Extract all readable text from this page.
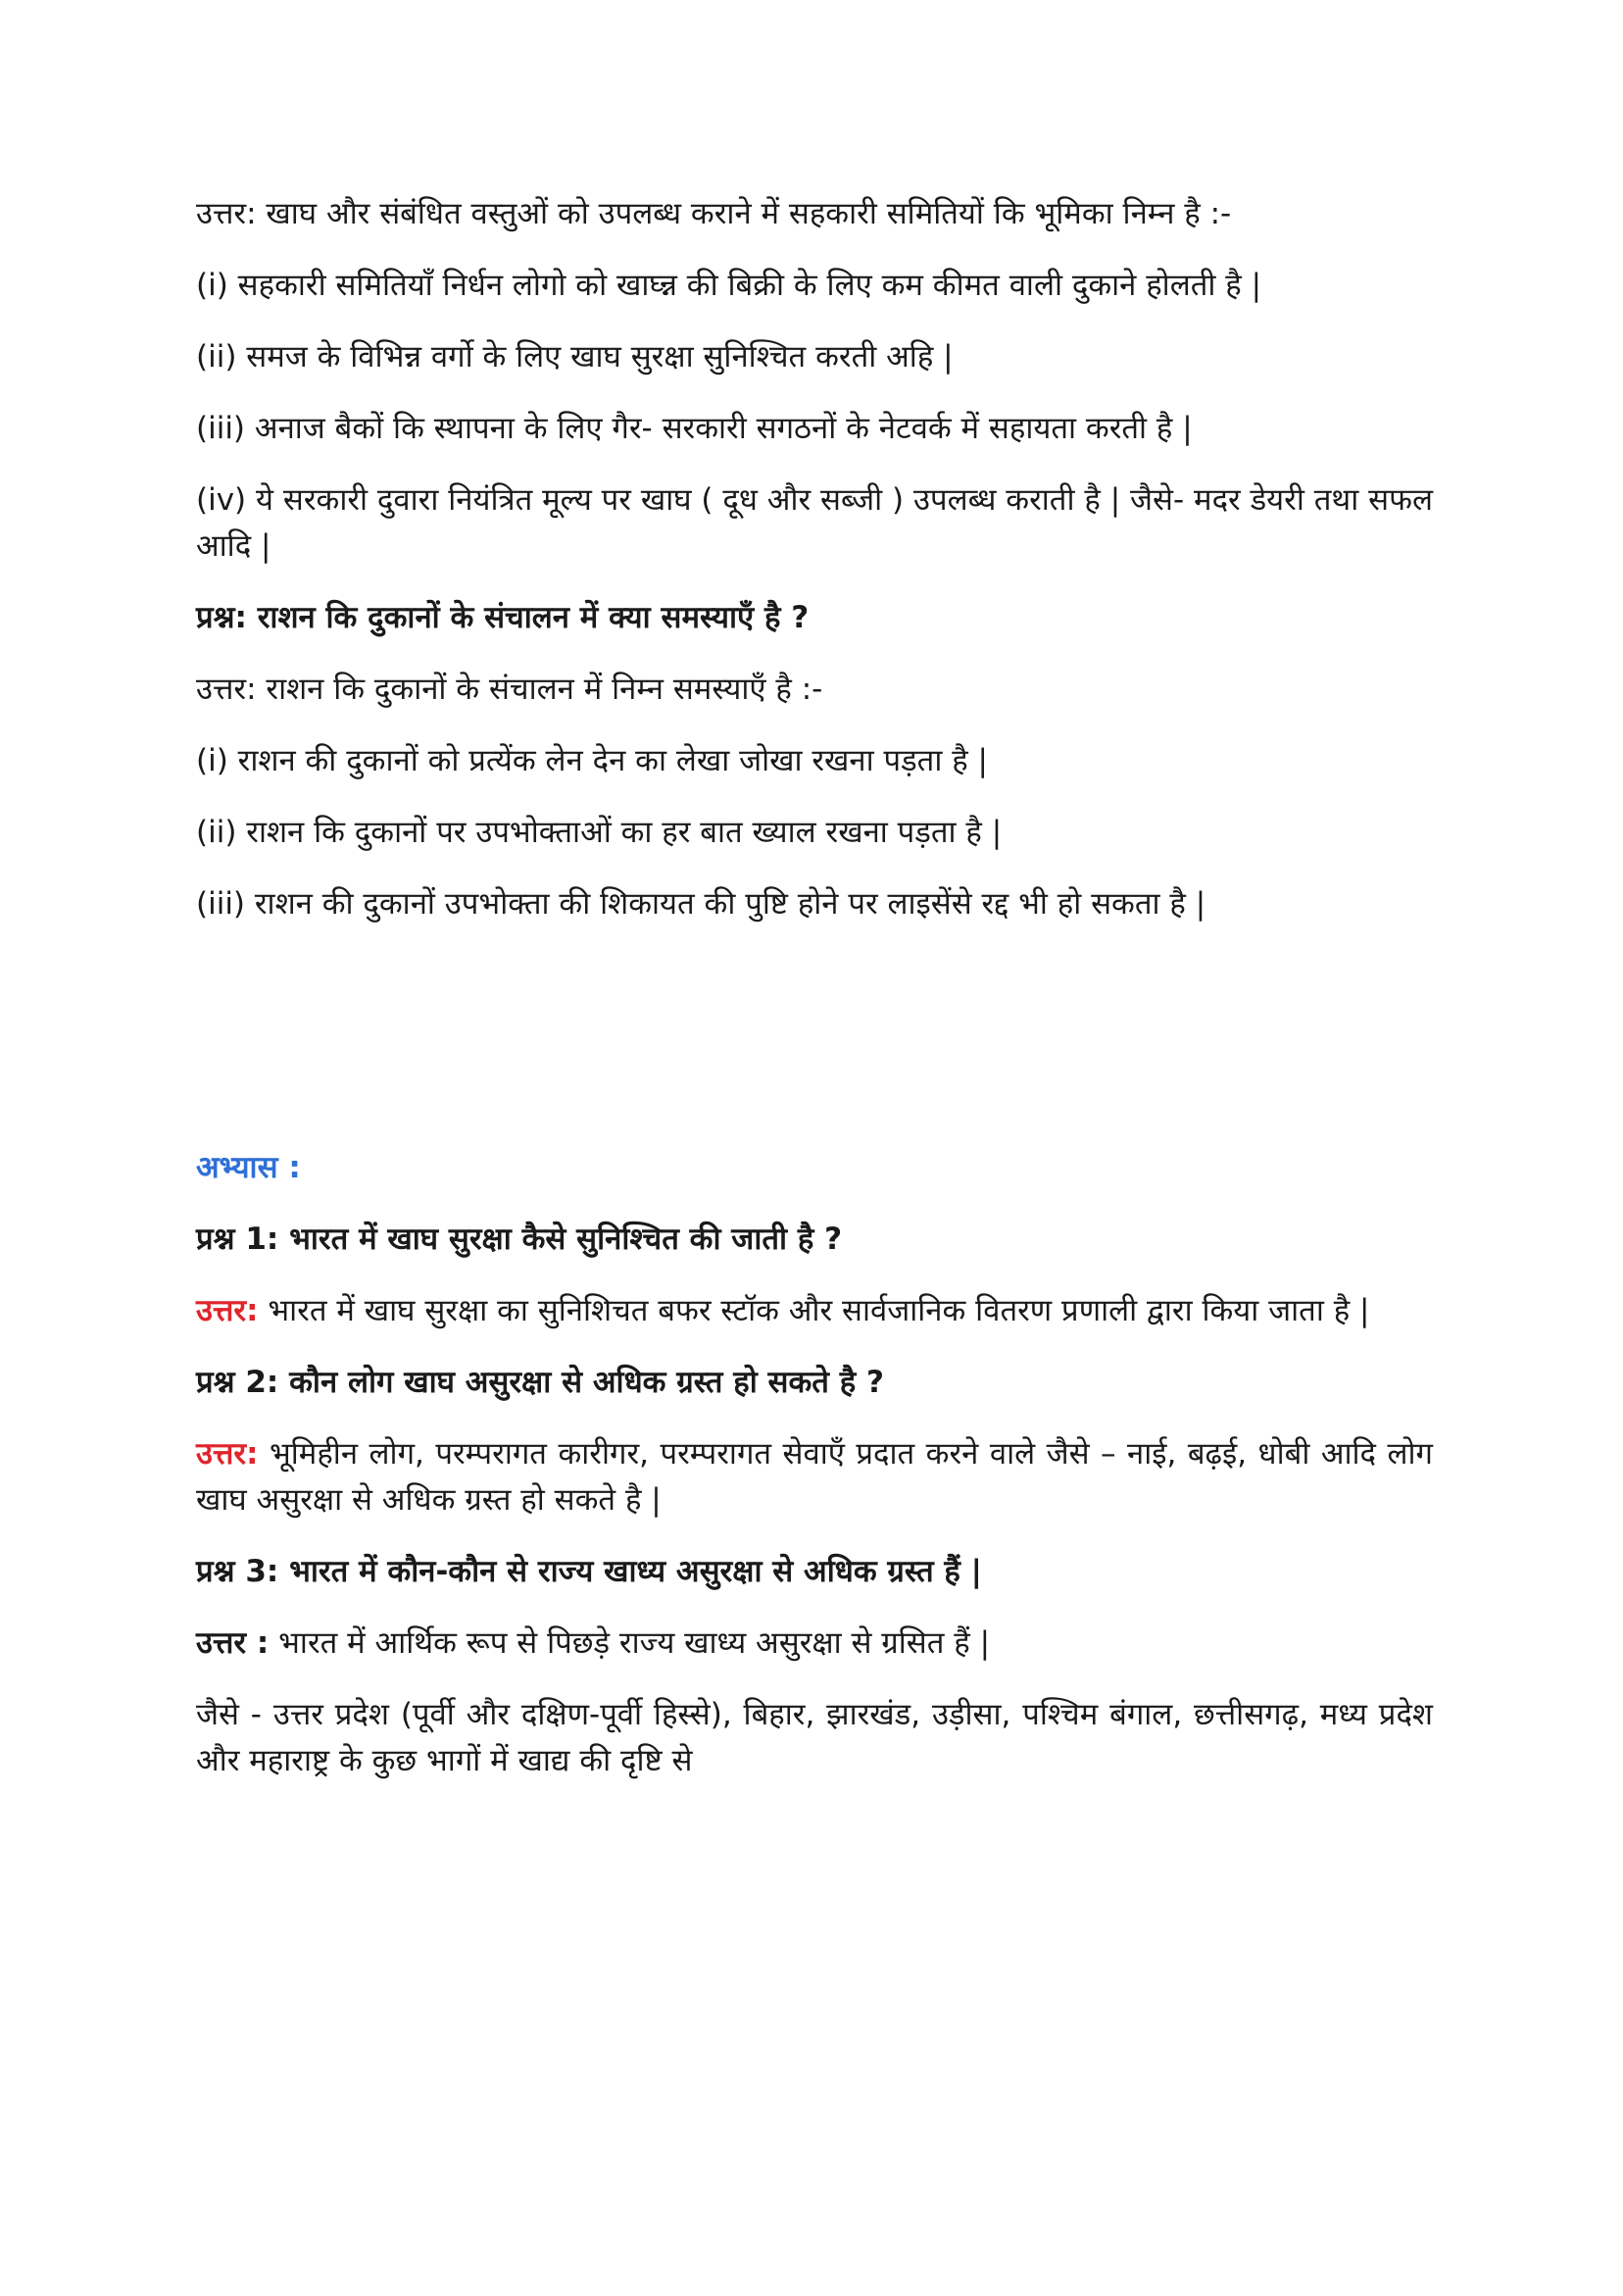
उत्तर: खाघ और संबंधित वस्तुओं को उपलब्ध कराने में सहकारी समितियों कि भूमिका निम्न है :-

(i) सहकारी समितियाँ निर्धन लोगो को खाघ्न्न की बिक्री के लिए कम कीमत वाली दुकाने होलती है |

(ii) समज के विभिन्न वर्गो के लिए खाघ सुरक्षा सुनिश्चित करती अहि |

(iii) अनाज बैकों कि स्थापना के लिए गैर- सरकारी सगठनों के नेटवर्क में सहायता करती है |

(iv) ये सरकारी दुवारा नियंत्रित मूल्य पर खाघ ( दूध और सब्जी ) उपलब्ध कराती है | जैसे- मदर डेयरी तथा सफल आदि |

प्रश्न: राशन कि दुकानों के संचालन में क्या समस्याएँ है ?

उत्तर: राशन कि दुकानों के संचालन में निम्न समस्याएँ है :-

(i) राशन की दुकानों को प्रत्येंक लेन देन का लेखा जोखा रखना पड़ता है |

(ii) राशन कि दुकानों पर उपभोक्ताओं का हर बात ख्याल रखना पड़ता है |

(iii) राशन की दुकानों उपभोक्ता की शिकायत की पुष्टि होने पर लाइसेंसे रद्द भी हो सकता है |

अभ्यास :

प्रश्न 1: भारत में खाघ सुरक्षा कैसे सुनिश्चित की जाती है ?

उत्तर: भारत में खाघ सुरक्षा का सुनिशिचत बफर स्टॉक और सार्वजानिक वितरण प्रणाली द्वारा किया जाता है |

प्रश्न 2: कौन लोग खाघ असुरक्षा से अधिक ग्रस्त हो सकते है ?

उत्तर: भूमिहीन लोग, परम्परागत कारीगर, परम्परागत सेवाएँ प्रदात करने वाले जैसे – नाई, बढ़ई, धोबी आदि लोग खाघ असुरक्षा से अधिक ग्रस्त हो सकते है |

प्रश्न 3: भारत में कौन-कौन से राज्य खाध्य असुरक्षा से अधिक ग्रस्त हैं |

उत्तर : भारत में आर्थिक रूप से पिछड़े राज्य खाध्य असुरक्षा से ग्रसित हैं |

जैसे - उत्तर प्रदेश (पूर्वी और दक्षिण-पूर्वी हिस्से), बिहार, झारखंड, उड़ीसा, पश्चिम बंगाल, छत्तीसगढ़, मध्य प्रदेश और महाराष्ट्र के कुछ भागों में खाद्य की दृष्टि से
